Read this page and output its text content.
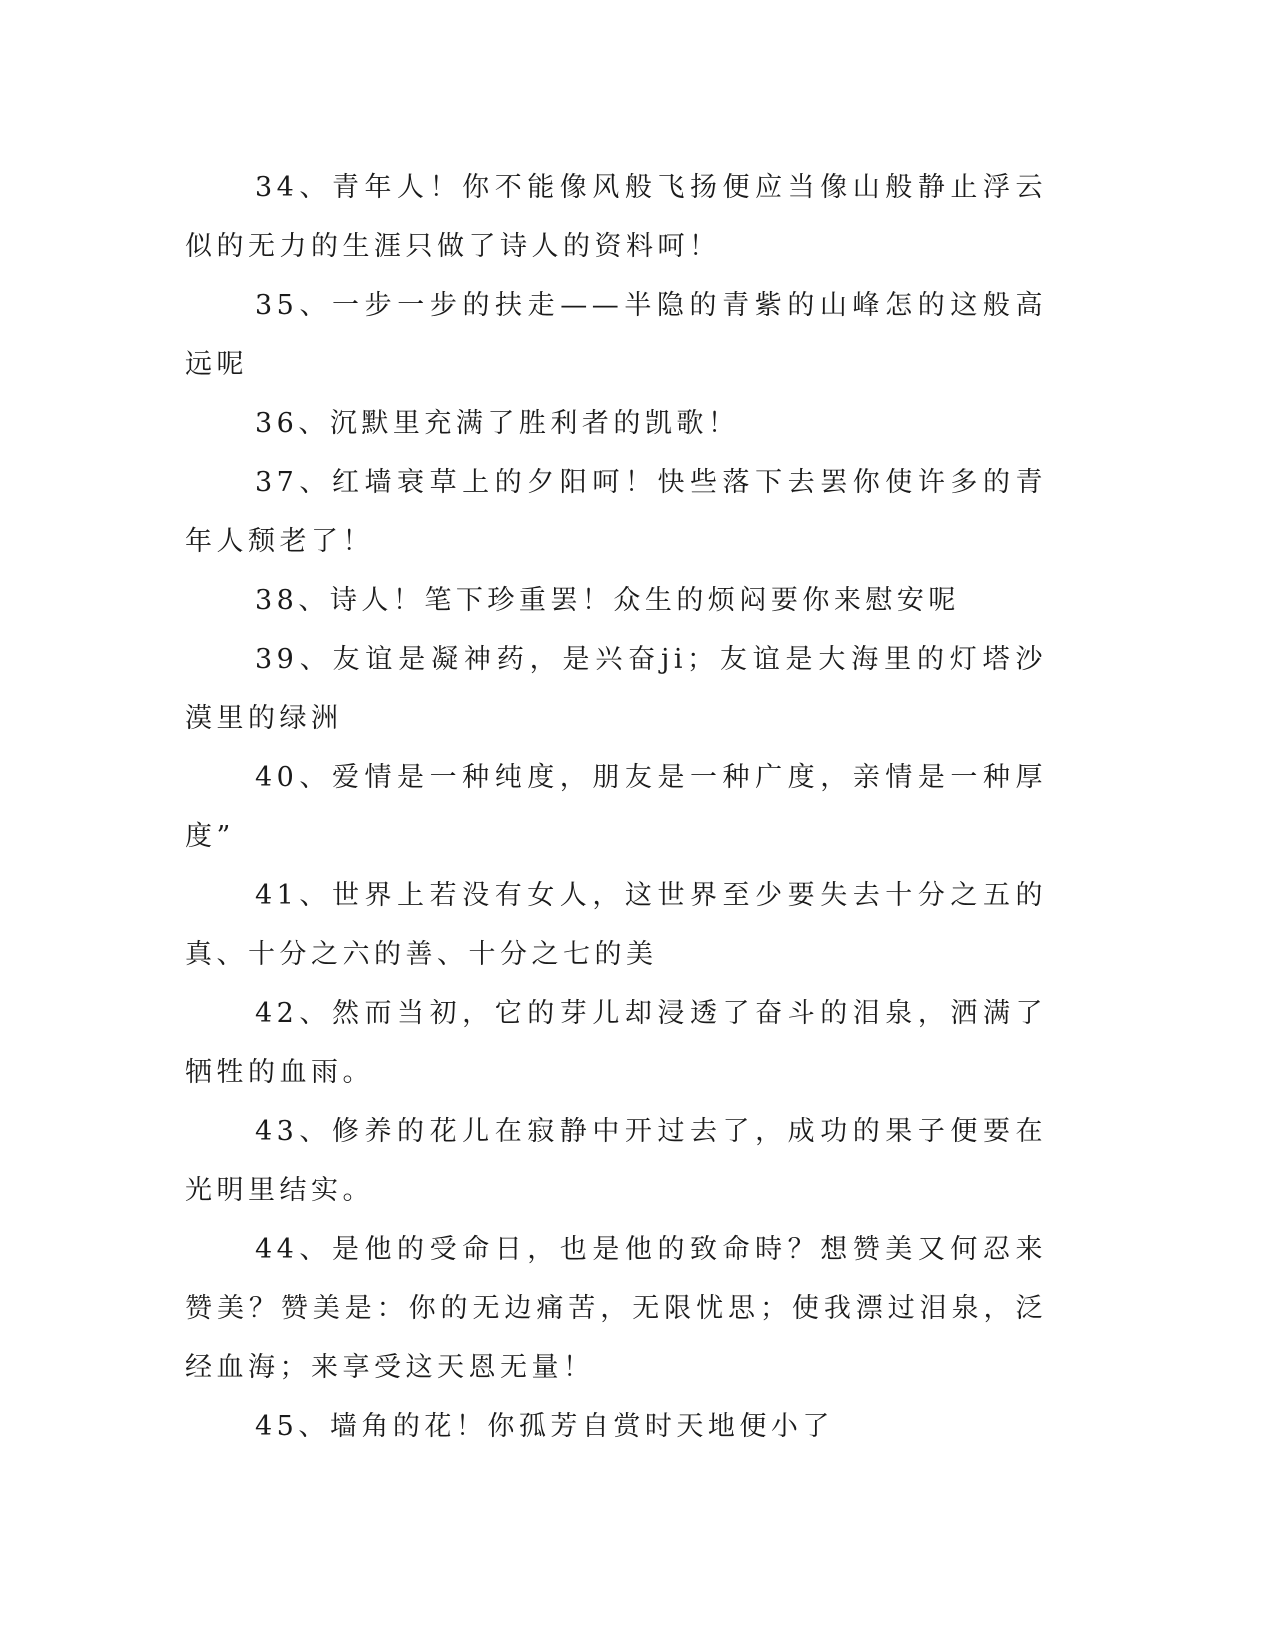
34、青年人！你不能像风般飞扬便应当像山般静止浮云似的无力的生涯只做了诗人的资料呵！

35、一步一步的扶走——半隐的青紫的山峰怎的这般高远呢

36、沉默里充满了胜利者的凯歌！

37、红墙衰草上的夕阳呵！快些落下去罢你使许多的青年人颓老了！

38、诗人！笔下珍重罢！众生的烦闷要你来慰安呢

39、友谊是凝神药，是兴奋ji；友谊是大海里的灯塔沙漠里的绿洲

40、爱情是一种纯度，朋友是一种广度，亲情是一种厚度”

41、世界上若没有女人，这世界至少要失去十分之五的真、十分之六的善、十分之七的美

42、然而当初，它的芽儿却浸透了奋斗的泪泉，洒满了牺牲的血雨。

43、修养的花儿在寂静中开过去了，成功的果子便要在光明里结实。

44、是他的受命日，也是他的致命時？想赞美又何忍来赞美？赞美是：你的无边痛苦，无限忧思；使我漂过泪泉，泛经血海；来享受这天恩无量！

45、墙角的花！你孤芳自赏时天地便小了
